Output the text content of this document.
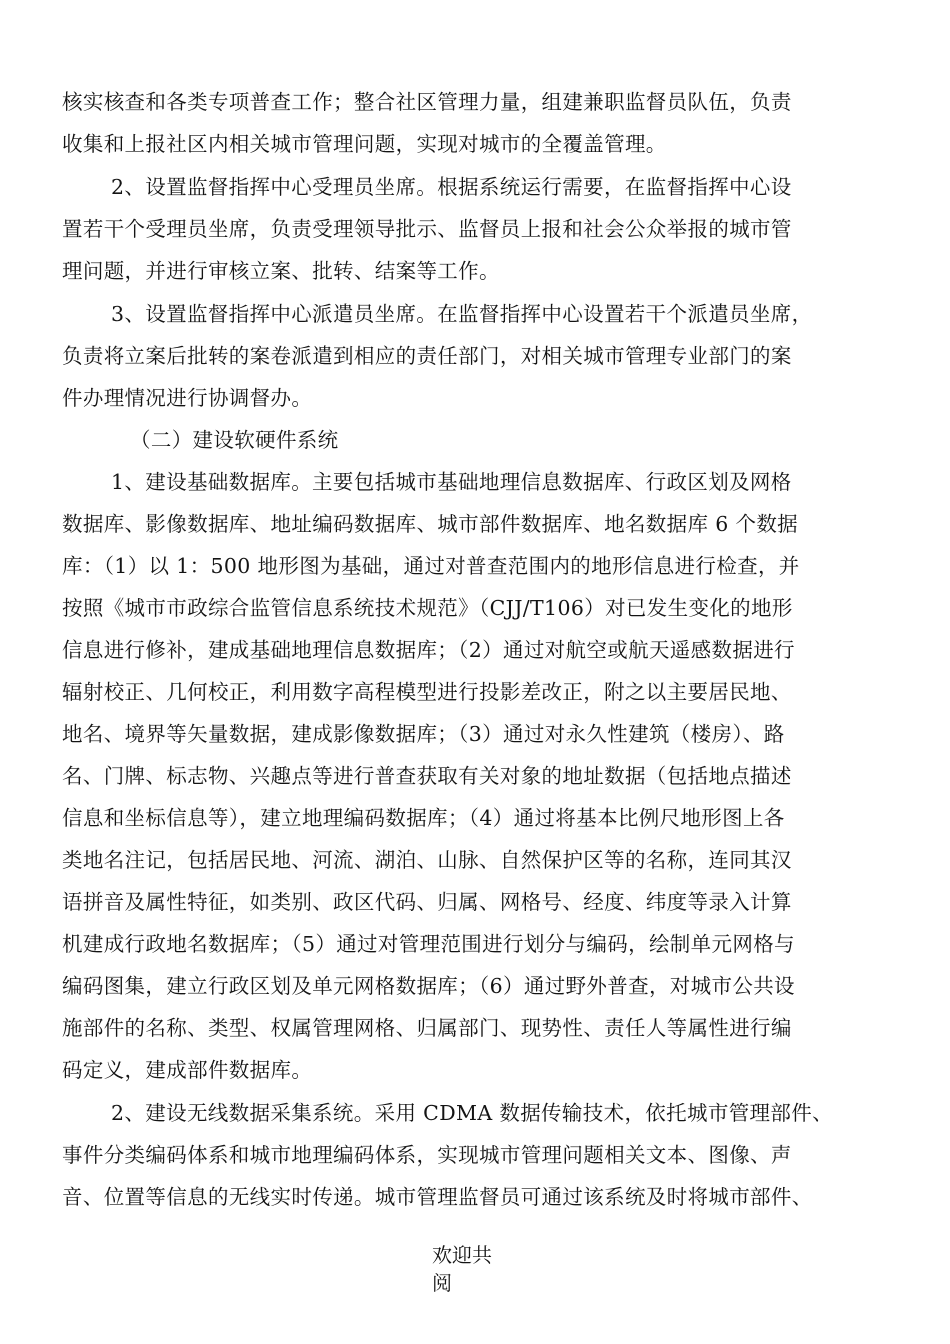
核实核查和各类专项普查工作；整合社区管理力量，组建兼职监督员队伍，负责
收集和上报社区内相关城市管理问题，实现对城市的全覆盖管理。
2、设置监督指挥中心受理员坐席。根据系统运行需要，在监督指挥中心设
置若干个受理员坐席，负责受理领导批示、监督员上报和社会公众举报的城市管
理问题，并进行审核立案、批转、结案等工作。
3、设置监督指挥中心派遣员坐席。在监督指挥中心设置若干个派遣员坐席，
负责将立案后批转的案卷派遣到相应的责任部门，对相关城市管理专业部门的案
件办理情况进行协调督办。
（二）建设软硬件系统
1、建设基础数据库。主要包括城市基础地理信息数据库、行政区划及网格
数据库、影像数据库、地址编码数据库、城市部件数据库、地名数据库 6 个数据
库：（1）以 1：500 地形图为基础，通过对普查范围内的地形信息进行检查，并
按照《城市市政综合监管信息系统技术规范》（CJJ/T106）对已发生变化的地形
信息进行修补，建成基础地理信息数据库；（2）通过对航空或航天遥感数据进行
辐射校正、几何校正，利用数字高程模型进行投影差改正，附之以主要居民地、
地名、境界等矢量数据，建成影像数据库；（3）通过对永久性建筑（楼房）、路
名、门牌、标志物、兴趣点等进行普查获取有关对象的地址数据（包括地点描述
信息和坐标信息等），建立地理编码数据库；（4）通过将基本比例尺地形图上各
类地名注记，包括居民地、河流、湖泊、山脉、自然保护区等的名称，连同其汉
语拼音及属性特征，如类别、政区代码、归属、网格号、经度、纬度等录入计算
机建成行政地名数据库；（5）通过对管理范围进行划分与编码，绘制单元网格与
编码图集，建立行政区划及单元网格数据库；（6）通过野外普查，对城市公共设
施部件的名称、类型、权属管理网格、归属部门、现势性、责任人等属性进行编
码定义，建成部件数据库。
2、建设无线数据采集系统。采用 CDMA 数据传输技术，依托城市管理部件、
事件分类编码体系和城市地理编码体系，实现城市管理问题相关文本、图像、声
音、位置等信息的无线实时传递。城市管理监督员可通过该系统及时将城市部件、
欢迎共
阅
